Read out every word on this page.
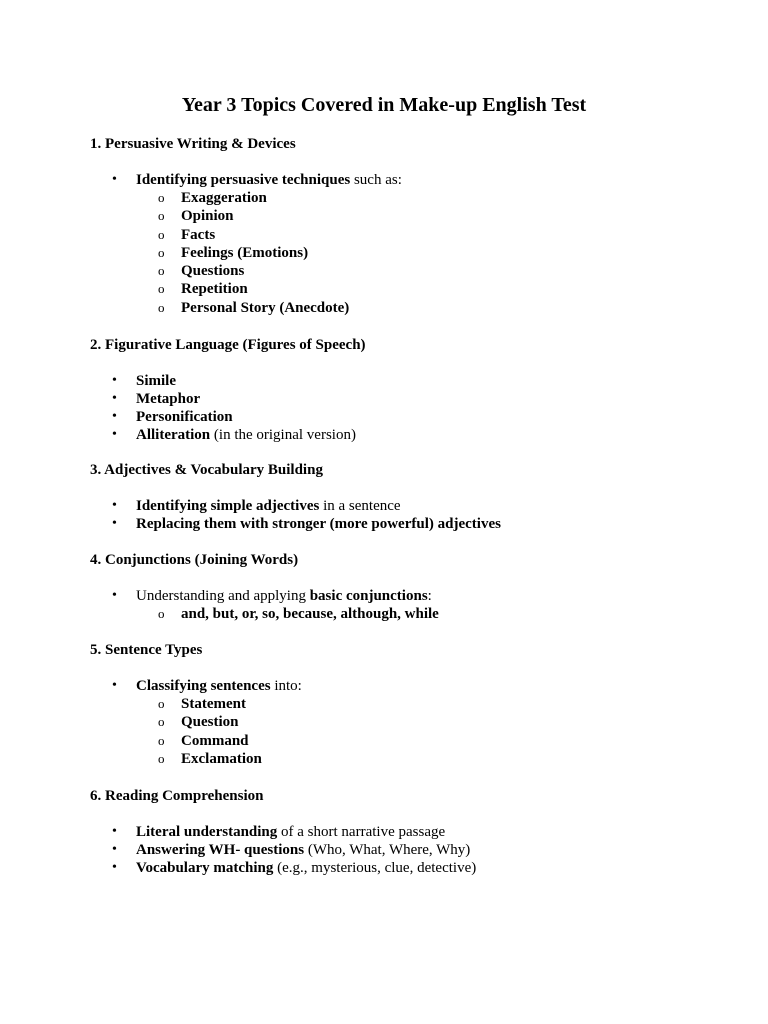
Year 3 Topics Covered in Make-up English Test
1. Persuasive Writing & Devices
• Identifying persuasive techniques such as:
o Exaggeration
o Opinion
o Facts
o Feelings (Emotions)
o Questions
o Repetition
o Personal Story (Anecdote)
2. Figurative Language (Figures of Speech)
• Simile
• Metaphor
• Personification
• Alliteration (in the original version)
3. Adjectives & Vocabulary Building
• Identifying simple adjectives in a sentence
• Replacing them with stronger (more powerful) adjectives
4. Conjunctions (Joining Words)
• Understanding and applying basic conjunctions:
o and, but, or, so, because, although, while
5. Sentence Types
• Classifying sentences into:
o Statement
o Question
o Command
o Exclamation
6. Reading Comprehension
• Literal understanding of a short narrative passage
• Answering WH- questions (Who, What, Where, Why)
• Vocabulary matching (e.g., mysterious, clue, detective)
